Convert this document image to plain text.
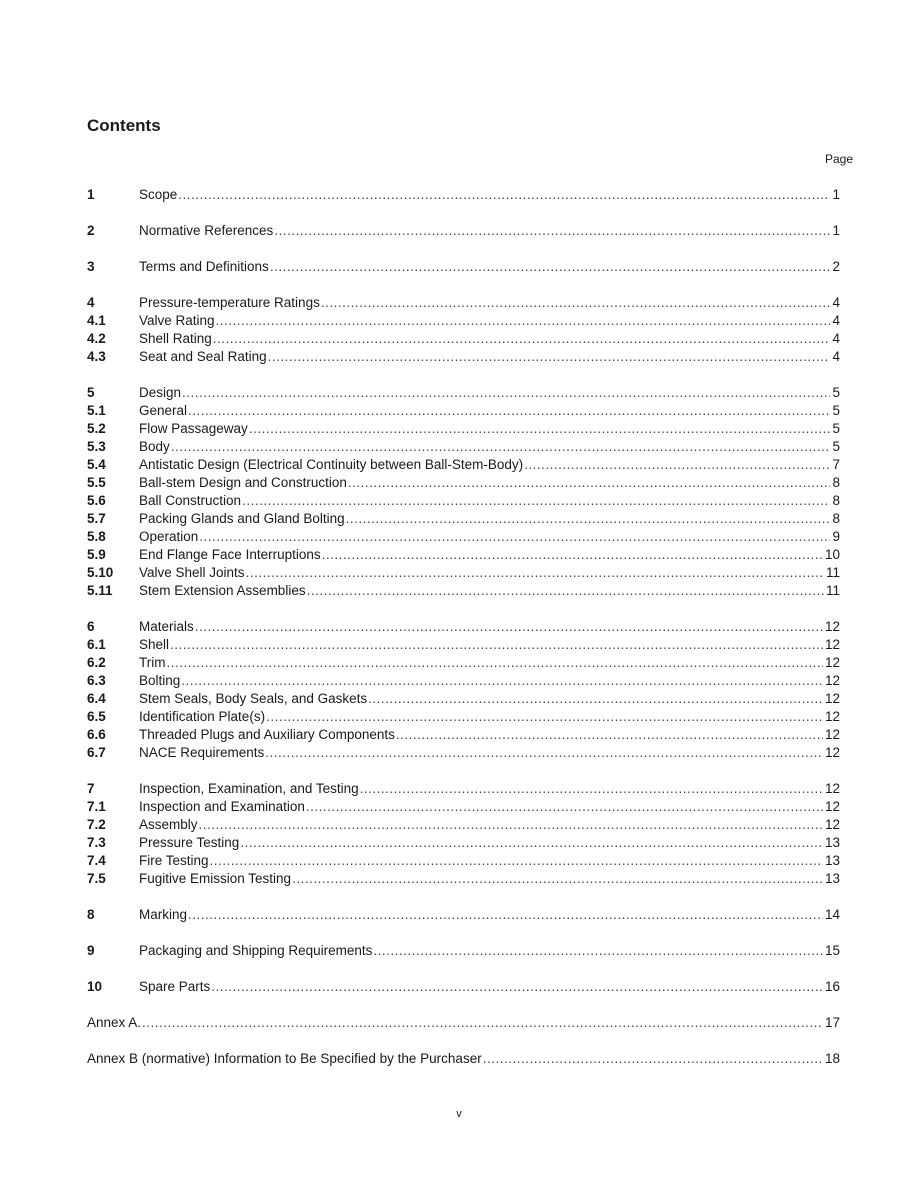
Contents
Page
1	Scope .....	1
2	Normative References .....	1
3	Terms and Definitions .....	2
4	Pressure-temperature Ratings .....	4
4.1	Valve Rating .....	4
4.2	Shell Rating .....	4
4.3	Seat and Seal Rating .....	4
5	Design .....	5
5.1	General .....	5
5.2	Flow Passageway .....	5
5.3	Body .....	5
5.4	Antistatic Design (Electrical Continuity between Ball-Stem-Body) .....	7
5.5	Ball-stem Design and Construction .....	8
5.6	Ball Construction .....	8
5.7	Packing Glands and Gland Bolting .....	8
5.8	Operation .....	9
5.9	End Flange Face Interruptions .....	10
5.10	Valve Shell Joints .....	11
5.11	Stem Extension Assemblies .....	11
6	Materials .....	12
6.1	Shell .....	12
6.2	Trim .....	12
6.3	Bolting .....	12
6.4	Stem Seals, Body Seals, and Gaskets .....	12
6.5	Identification Plate(s) .....	12
6.6	Threaded Plugs and Auxiliary Components .....	12
6.7	NACE Requirements .....	12
7	Inspection, Examination, and Testing .....	12
7.1	Inspection and Examination .....	12
7.2	Assembly .....	12
7.3	Pressure Testing .....	13
7.4	Fire Testing .....	13
7.5	Fugitive Emission Testing .....	13
8	Marking .....	14
9	Packaging and Shipping Requirements .....	15
10	Spare Parts .....	16
Annex A. .....	17
Annex B (normative) Information to Be Specified by the Purchaser .....	18
v
